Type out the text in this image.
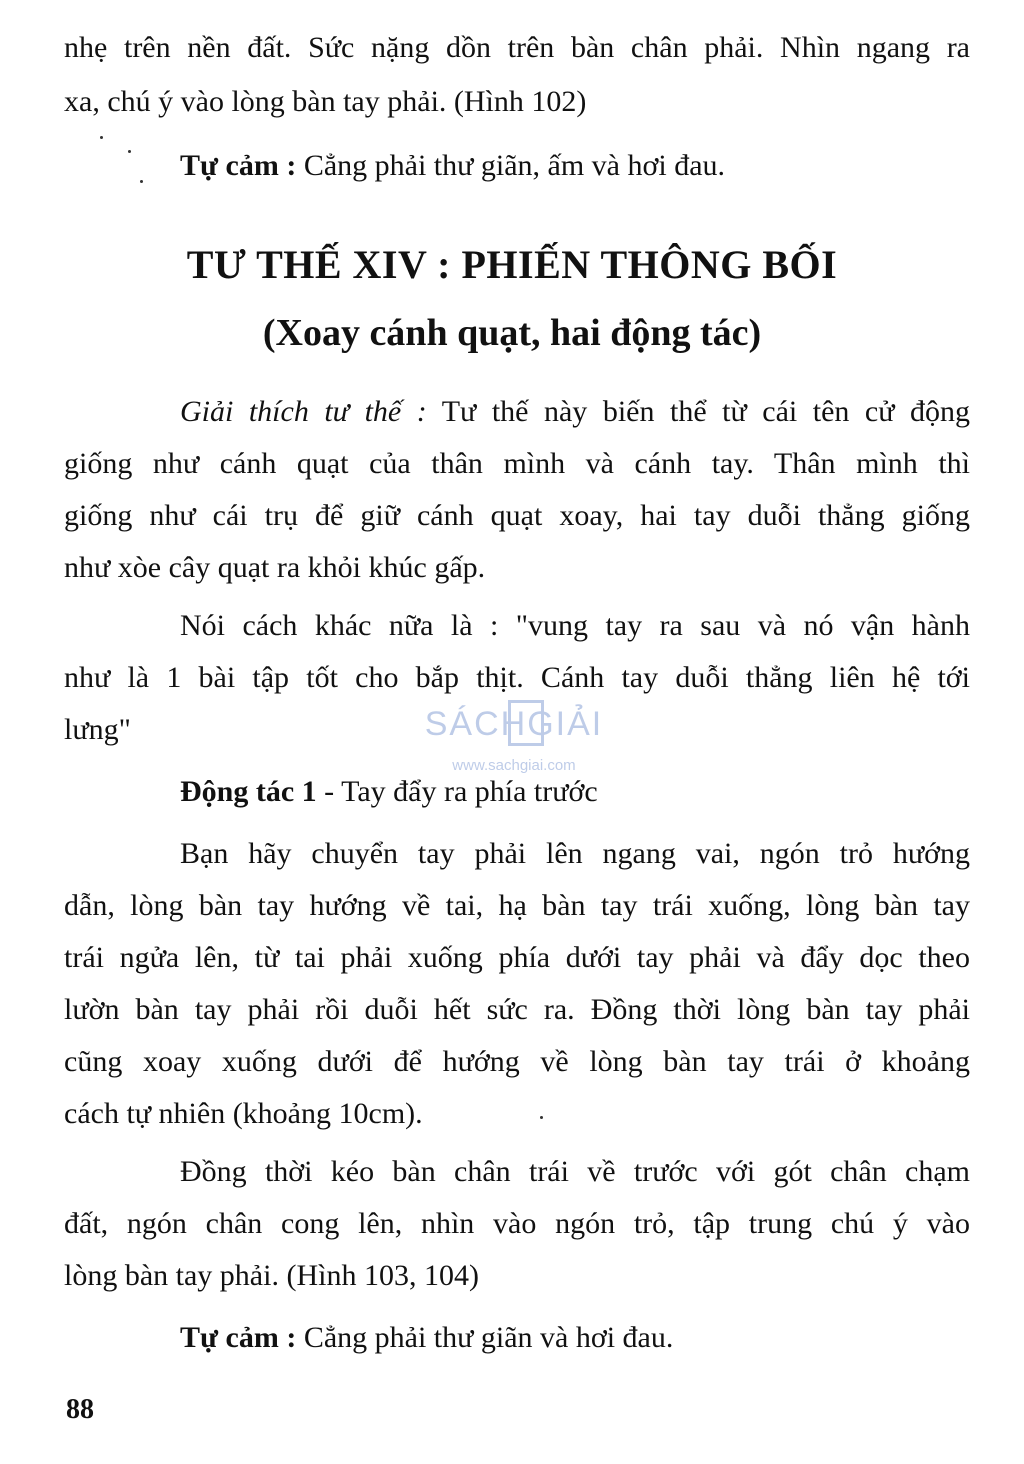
nhẹ trên nền đất. Sức nặng dồn trên bàn chân phải. Nhìn ngang ra
xa, chú ý vào lòng bàn tay phải. (Hình 102)
Tự cảm : Cẳng phải thư giãn, ấm và hơi đau.
TƯ THẾ XIV : PHIẾN THÔNG BỐI
(Xoay cánh quạt, hai động tác)
Giải thích tư thế : Tư thế này biến thể từ cái tên cử động
giống như cánh quạt của thân mình và cánh tay. Thân mình thì
giống như cái trụ để giữ cánh quạt xoay, hai tay duỗi thẳng giống
như xòe cây quạt ra khỏi khúc gấp.
Nói cách khác nữa là : "vung tay ra sau và nó vận hành
như là 1 bài tập tốt cho bắp thịt. Cánh tay duỗi thẳng liên hệ tới
lưng"	SÁCHGIẢI
www.sachgiai.com
Động tác 1 - Tay đẩy ra phía trước
Bạn hãy chuyển tay phải lên ngang vai, ngón trỏ hướng
dẫn, lòng bàn tay hướng về tai, hạ bàn tay trái xuống, lòng bàn tay
trái ngửa lên, từ tai phải xuống phía dưới tay phải và đẩy dọc theo
lườn bàn tay phải rồi duỗi hết sức ra. Đồng thời lòng bàn tay phải
cũng xoay xuống dưới để hướng về lòng bàn tay trái ở khoảng
cách tự nhiên (khoảng 10cm).
Đồng thời kéo bàn chân trái về trước với gót chân chạm
đất, ngón chân cong lên, nhìn vào ngón trỏ, tập trung chú ý vào
lòng bàn tay phải. (Hình 103, 104)
Tự cảm : Cẳng phải thư giãn và hơi đau.
88
